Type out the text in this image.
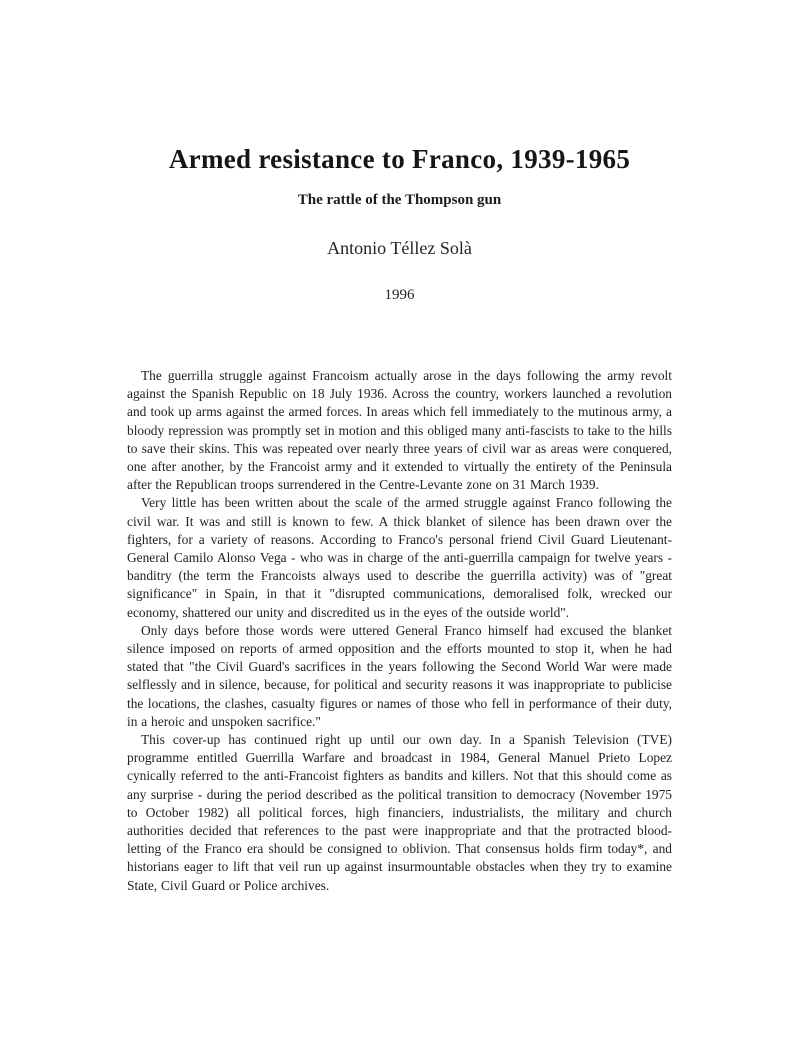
Armed resistance to Franco, 1939-1965
The rattle of the Thompson gun
Antonio Téllez Solà
1996

The guerrilla struggle against Francoism actually arose in the days following the army revolt against the Spanish Republic on 18 July 1936. Across the country, workers launched a revolution and took up arms against the armed forces. In areas which fell immediately to the mutinous army, a bloody repression was promptly set in motion and this obliged many anti-fascists to take to the hills to save their skins. This was repeated over nearly three years of civil war as areas were conquered, one after another, by the Francoist army and it extended to virtually the entirety of the Peninsula after the Republican troops surrendered in the Centre-Levante zone on 31 March 1939.

Very little has been written about the scale of the armed struggle against Franco following the civil war. It was and still is known to few. A thick blanket of silence has been drawn over the fighters, for a variety of reasons. According to Franco's personal friend Civil Guard Lieutenant-General Camilo Alonso Vega - who was in charge of the anti-guerrilla campaign for twelve years - banditry (the term the Francoists always used to describe the guerrilla activity) was of "great significance" in Spain, in that it "disrupted communications, demoralised folk, wrecked our economy, shattered our unity and discredited us in the eyes of the outside world".

Only days before those words were uttered General Franco himself had excused the blanket silence imposed on reports of armed opposition and the efforts mounted to stop it, when he had stated that "the Civil Guard's sacrifices in the years following the Second World War were made selflessly and in silence, because, for political and security reasons it was inappropriate to publicise the locations, the clashes, casualty figures or names of those who fell in performance of their duty, in a heroic and unspoken sacrifice."

This cover-up has continued right up until our own day. In a Spanish Television (TVE) programme entitled Guerrilla Warfare and broadcast in 1984, General Manuel Prieto Lopez cynically referred to the anti-Francoist fighters as bandits and killers. Not that this should come as any surprise - during the period described as the political transition to democracy (November 1975 to October 1982) all political forces, high financiers, industrialists, the military and church authorities decided that references to the past were inappropriate and that the protracted blood-letting of the Franco era should be consigned to oblivion. That consensus holds firm today*, and historians eager to lift that veil run up against insurmountable obstacles when they try to examine State, Civil Guard or Police archives.
